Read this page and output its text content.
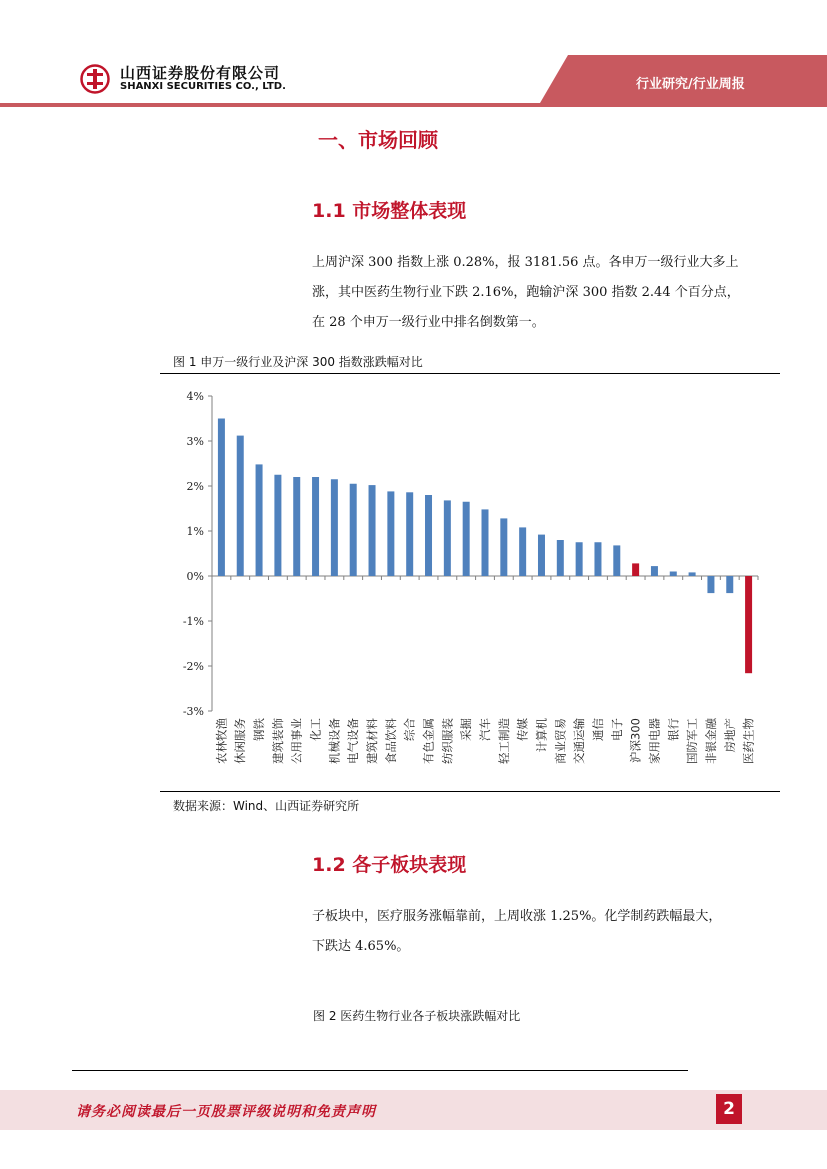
山西证券股份有限公司
SHANXI SECURITIES CO., LTD.	行业研究/行业周报
一、市场回顾
1.1 市场整体表现
上周沪深 300 指数上涨 0.28%，报 3181.56 点。各申万一级行业大多上
涨，其中医药生物行业下跌 2.16%，跑输沪深 300 指数 2.44 个百分点，
在 28 个申万一级行业中排名倒数第一。
图 1 申万一级行业及沪深 300 指数涨跌幅对比
-3%
-2%
-1%
0%
1%
2%
3%
4%
农林牧渔 休闲服务 钢铁 建筑装饰 公用事业 化工 机械设备 电气设备 建筑材料 食品饮料 综合 有色金属 纺织服装 采掘 汽车 轻工制造 传媒 计算机 商业贸易 交通运输 通信 电子 沪深300 家用电器 银行 国防军工 非银金融 房地产 医药生物
数据来源：Wind、山西证券研究所
1.2 各子板块表现
子板块中，医疗服务涨幅靠前，上周收涨 1.25%。化学制药跌幅最大，
下跌达 4.65%。
图 2 医药生物行业各子板块涨跌幅对比
请务必阅读最后一页股票评级说明和免责声明	2
